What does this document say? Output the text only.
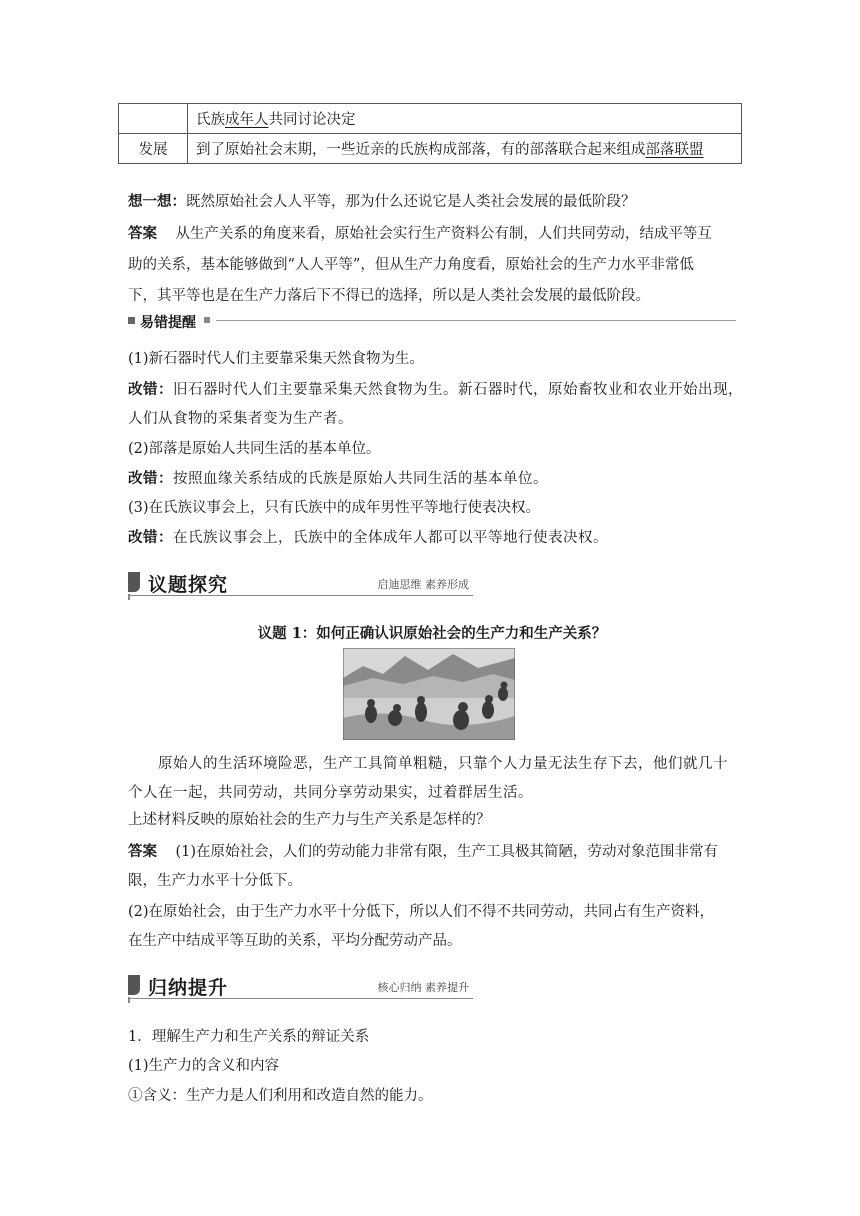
	氏族成年人共同讨论决定
发展	到了原始社会末期，一些近亲的氏族构成部落，有的部落联合起来组成部落联盟
想一想：既然原始社会人人平等，那为什么还说它是人类社会发展的最低阶段？
答案 从生产关系的角度来看，原始社会实行生产资料公有制，人们共同劳动，结成平等互
助的关系，基本能够做到“人人平等”，但从生产力角度看，原始社会的生产力水平非常低
下，其平等也是在生产力落后下不得已的选择，所以是人类社会发展的最低阶段。
易错提醒
(1)新石器时代人们主要靠采集天然食物为生。
改错：旧石器时代人们主要靠采集天然食物为生。新石器时代，原始畜牧业和农业开始出现，
人们从食物的采集者变为生产者。
(2)部落是原始人共同生活的基本单位。
改错：按照血缘关系结成的氏族是原始人共同生活的基本单位。
(3)在氏族议事会上，只有氏族中的成年男性平等地行使表决权。
改错：在氏族议事会上，氏族中的全体成年人都可以平等地行使表决权。
议题探究	启迪思维 素养形成
议题 1：如何正确认识原始社会的生产力和生产关系？
原始人的生活环境险恶，生产工具简单粗糙，只靠个人力量无法生存下去，他们就几十
个人在一起，共同劳动，共同分享劳动果实，过着群居生活。
上述材料反映的原始社会的生产力与生产关系是怎样的？
答案 (1)在原始社会，人们的劳动能力非常有限，生产工具极其简陋，劳动对象范围非常有
限，生产力水平十分低下。
(2)在原始社会，由于生产力水平十分低下，所以人们不得不共同劳动，共同占有生产资料，
在生产中结成平等互助的关系，平均分配劳动产品。
归纳提升	核心归纳 素养提升
1．理解生产力和生产关系的辩证关系
(1)生产力的含义和内容
①含义：生产力是人们利用和改造自然的能力。
